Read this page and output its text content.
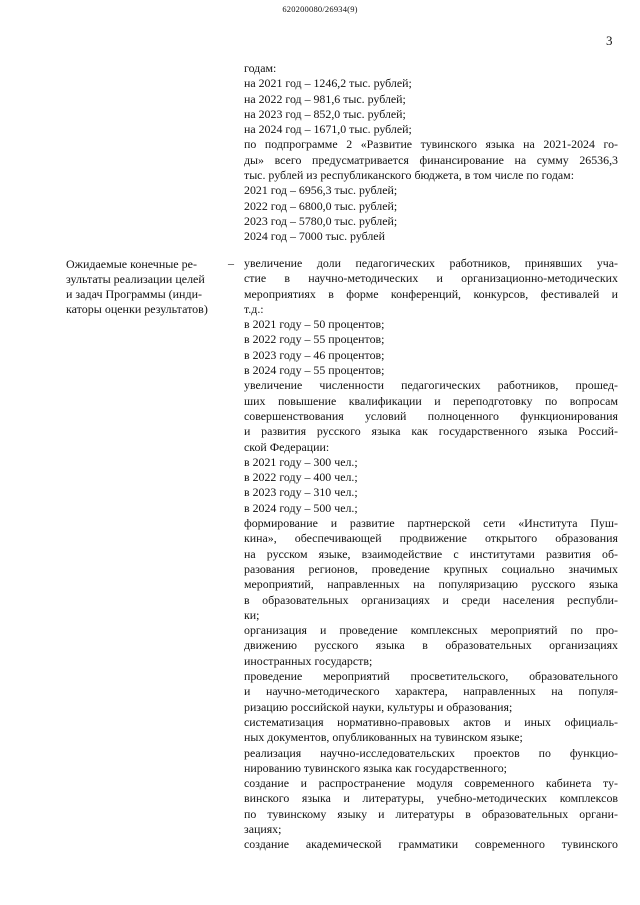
620200080/26934(9)
3
годам:
на 2021 год – 1246,2 тыс. рублей;
на 2022 год – 981,6 тыс. рублей;
на 2023 год – 852,0 тыс. рублей;
на 2024 год – 1671,0 тыс. рублей;
по подпрограмме 2 «Развитие тувинского языка на 2021-2024 го-
ды» всего предусматривается финансирование на сумму 26536,3
тыс. рублей из республиканского бюджета, в том числе по годам:
2021 год – 6956,3 тыс. рублей;
2022 год – 6800,0 тыс. рублей;
2023 год – 5780,0 тыс. рублей;
2024 год – 7000 тыс. рублей
Ожидаемые конечные ре-
зультаты реализации целей
и задач Программы (инди-
каторы оценки результатов)
– увеличение доли педагогических работников, принявших уча-
стие в научно-методических и организационно-методических
мероприятиях в форме конференций, конкурсов, фестивалей и
т.д.:
в 2021 году – 50 процентов;
в 2022 году – 55 процентов;
в 2023 году – 46 процентов;
в 2024 году – 55 процентов;
увеличение численности педагогических работников, прошед-
ших повышение квалификации и переподготовку по вопросам
совершенствования условий полноценного функционирования
и развития русского языка как государственного языка Россий-
ской Федерации:
в 2021 году – 300 чел.;
в 2022 году – 400 чел.;
в 2023 году – 310 чел.;
в 2024 году – 500 чел.;
формирование и развитие партнерской сети «Института Пуш-
кина», обеспечивающей продвижение открытого образования
на русском языке, взаимодействие с институтами развития об-
разования регионов, проведение крупных социально значимых
мероприятий, направленных на популяризацию русского языка
в образовательных организациях и среди населения республи-
ки;
организация и проведение комплексных мероприятий по про-
движению русского языка в образовательных организациях
иностранных государств;
проведение мероприятий просветительского, образовательного
и научно-методического характера, направленных на популя-
ризацию российской науки, культуры и образования;
систематизация нормативно-правовых актов и иных официаль-
ных документов, опубликованных на тувинском языке;
реализация научно-исследовательских проектов по функцио-
нированию тувинского языка как государственного;
создание и распространение модуля современного кабинета ту-
винского языка и литературы, учебно-методических комплексов
по тувинскому языку и литературы в образовательных органи-
зациях;
создание академической грамматики современного тувинского
